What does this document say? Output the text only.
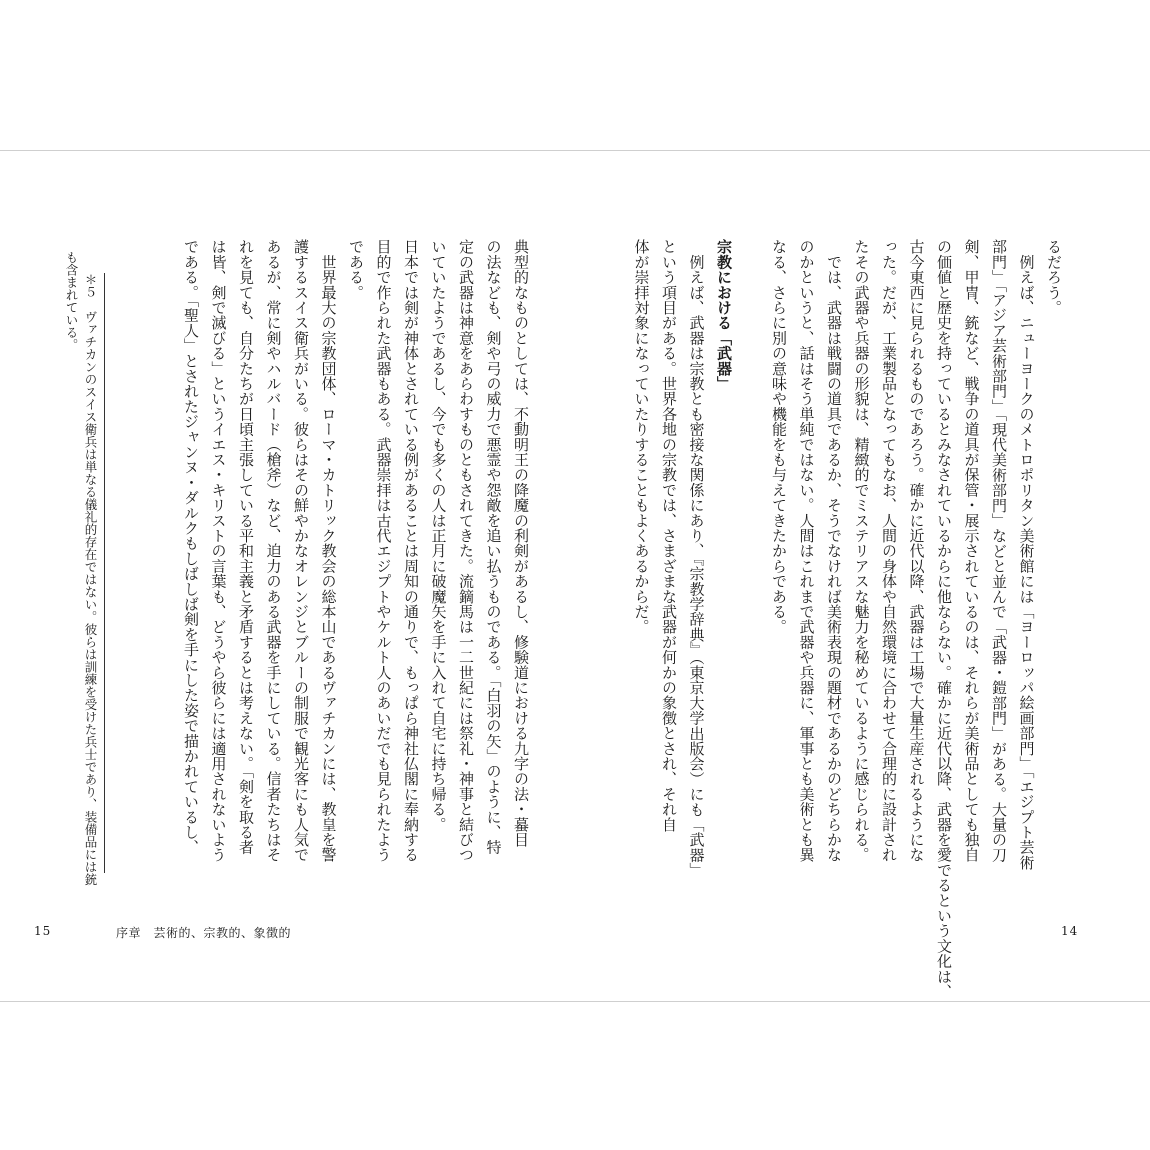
＊５　ヴァチカンのスイス衛兵は単なる儀礼的存在ではない。彼らは訓練を受けた兵士であり、装備品には銃
も含まれている。	典型的なものとしては、不動明王の降魔の利剣があるし、修験道における九字の法・蟇目
の法なども、剣や弓の威力で悪霊や怨敵を追い払うものである。「白羽の矢」のように、特
定の武器は神意をあらわすものともされてきた。流鏑馬は一二世紀には祭礼・神事と結びつ
いていたようであるし、今でも多くの人は正月に破魔矢を手に入れて自宅に持ち帰る。
日本では剣が神体とされている例があることは周知の通りで、もっぱら神社仏閣に奉納する
目的で作られた武器もある。武器崇拝は古代エジプトやケルト人のあいだでも見られたよう
である。
　世界最大の宗教団体、ローマ・カトリック教会の総本山であるヴァチカンには、教皇を警
護するスイス衛兵がいる。彼らはその鮮やかなオレンジとブルーの制服で観光客にも人気で
あるが、常に剣やハルバード（槍斧）など、迫力のある武器を手にしている。信者たちはそ
れを見ても、自分たちが日頃主張している平和主義と矛盾するとは考えない。「剣を取る者
は皆、剣で滅びる」というイエス・キリストの言葉も、どうやら彼らには適用されないよう
である。「聖人」とされたジャンヌ・ダルクもしばしば剣を手にした姿で描かれているし、
15	序章　芸術的、宗教的、象徴的
るだろう。
　例えば、ニューヨークのメトロポリタン美術館には「ヨーロッパ絵画部門」「エジプト芸術
部門」「アジア芸術部門」「現代美術部門」などと並んで「武器・鎧部門」がある。大量の刀
剣、甲冑、銃など、戦争の道具が保管・展示されているのは、それらが美術品としても独自
の価値と歴史を持っているとみなされているからに他ならない。確かに近代以降、武器を愛でるという文化は、
古今東西に見られるものであろう。確かに近代以降、武器は工場で大量生産されるようにな
った。だが、工業製品となってもなお、人間の身体や自然環境に合わせて合理的に設計され
たその武器や兵器の形貌は、精緻的でミステリアスな魅力を秘めているように感じられる。
　では、武器は戦闘の道具であるか、そうでなければ美術表現の題材であるかのどちらかな
のかというと、話はそう単純ではない。人間はこれまで武器や兵器に、軍事とも美術とも異
なる、さらに別の意味や機能をも与えてきたからである。
宗教における「武器」
　例えば、武器は宗教とも密接な関係にあり、『宗教学辞典』（東京大学出版会）にも「武器」
という項目がある。世界各地の宗教では、さまざまな武器が何かの象徴とされ、それ自
体が崇拝対象になっていたりすることもよくあるからだ。
14
